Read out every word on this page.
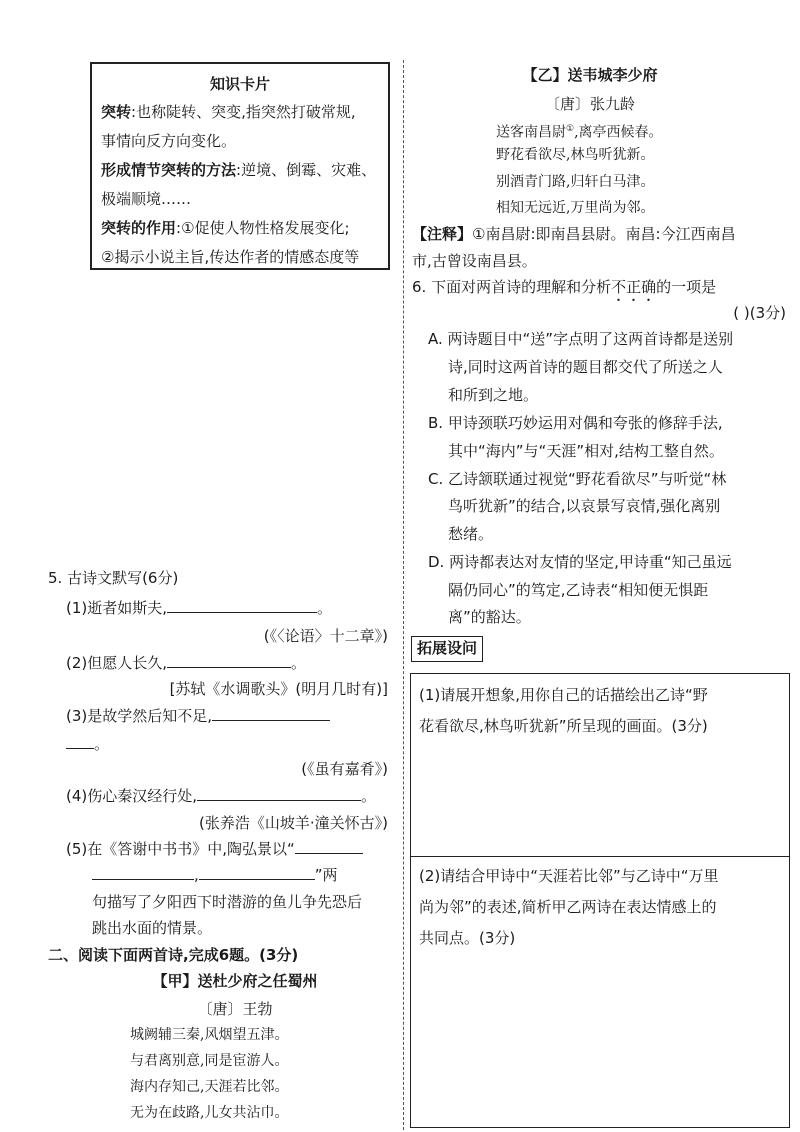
知识卡片
突转:也称陡转、突变,指突然打破常规,
事情向反方向变化。
形成情节突转的方法:逆境、倒霉、灾难、
极端顺境……
突转的作用:①促使人物性格发展变化;
②揭示小说主旨,传达作者的情感态度等
5. 古诗文默写(6分)
(1)逝者如斯夫,	。
(《〈论语〉十二章》)
(2)但愿人长久,	。
[苏轼《水调歌头》(明月几时有)]
(3)是故学然后知不足,
。
(《虽有嘉肴》)
(4)伤心秦汉经行处,	。
(张养浩《山坡羊·潼关怀古》)
(5)在《答谢中书书》中,陶弘景以“
,	”两
句描写了夕阳西下时潜游的鱼儿争先恐后
跳出水面的情景。
二、阅读下面两首诗,完成6题。(3分)
【甲】送杜少府之任蜀州
〔唐〕王勃
城阙辅三秦,风烟望五津。
与君离别意,同是宦游人。
海内存知己,天涯若比邻。
无为在歧路,儿女共沾巾。
【乙】送韦城李少府
〔唐〕张九龄
送客南昌尉①,离亭西候春。
野花看欲尽,林鸟听犹新。
别酒青门路,归轩白马津。
相知无远近,万里尚为邻。
【注释】①南昌尉:即南昌县尉。南昌:今江西南昌
市,古曾设南昌县。
6. 下面对两首诗的理解和分析不正确的一项是
( )(3分)
A. 两诗题目中“送”字点明了这两首诗都是送别
诗,同时这两首诗的题目都交代了所送之人
和所到之地。
B. 甲诗颈联巧妙运用对偶和夸张的修辞手法,
其中“海内”与“天涯”相对,结构工整自然。
C. 乙诗颔联通过视觉“野花看欲尽”与听觉“林
鸟听犹新”的结合,以哀景写哀情,强化离别
愁绪。
D. 两诗都表达对友情的坚定,甲诗重“知己虽远
隔仍同心”的笃定,乙诗表“相知便无惧距
离”的豁达。
拓展设问
(1)请展开想象,用你自己的话描绘出乙诗“野
花看欲尽,林鸟听犹新”所呈现的画面。(3分)
(2)请结合甲诗中“天涯若比邻”与乙诗中“万里
尚为邻”的表述,简析甲乙两诗在表达情感上的
共同点。(3分)
